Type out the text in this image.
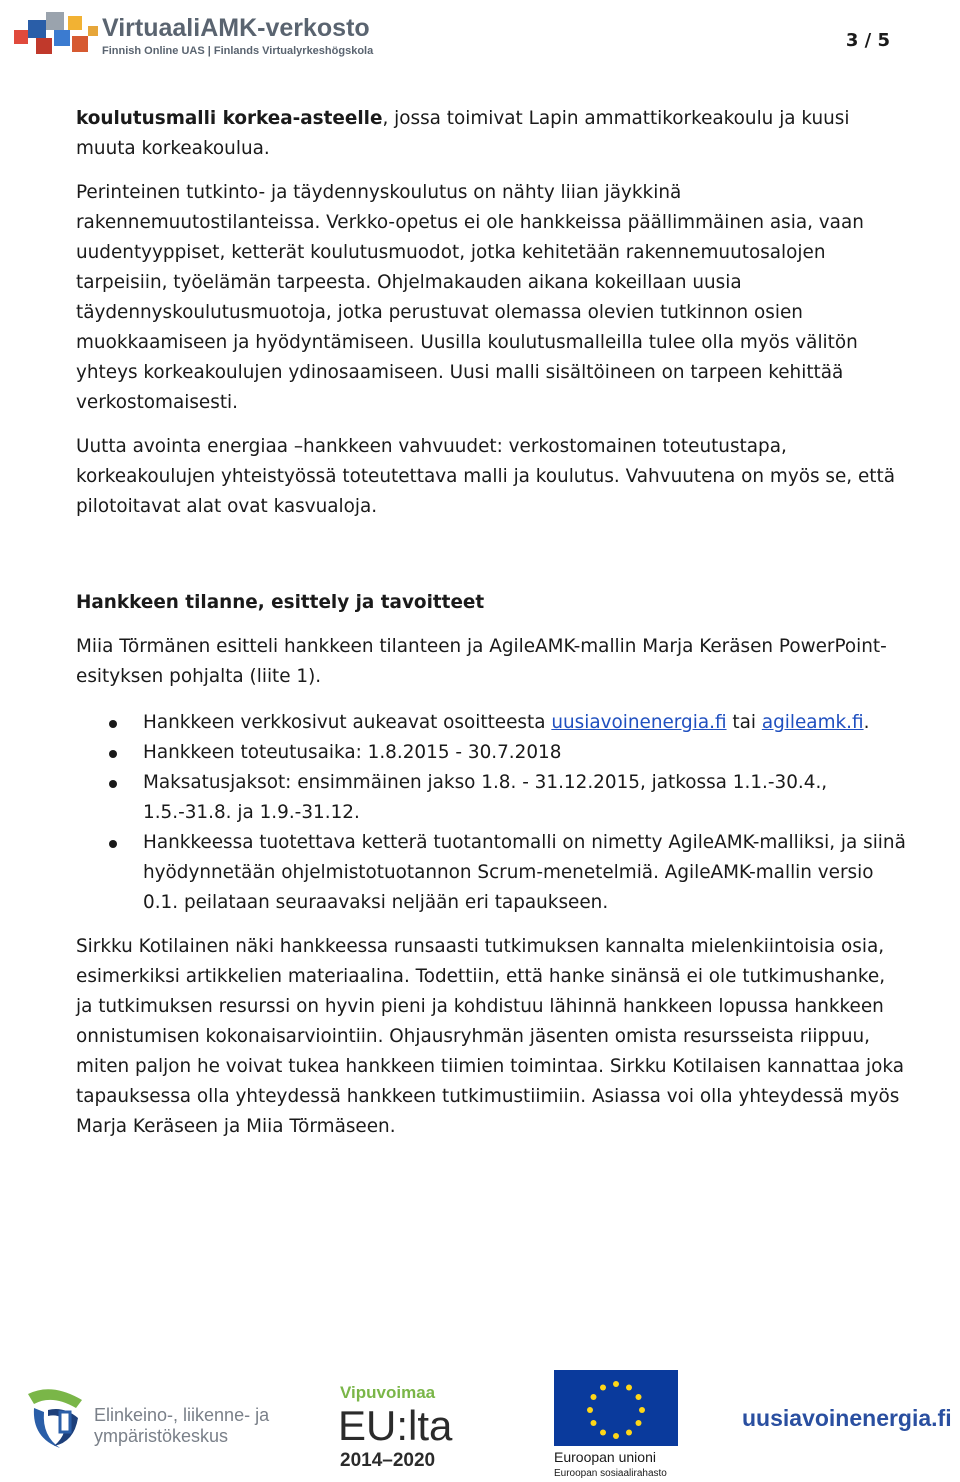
VirtuaaliAMK-verkosto
Finnish Online UAS | Finlands Virtualyrkeshögskola	3 / 5

koulutusmalli korkea-asteelle, jossa toimivat Lapin ammattikorkeakoulu ja kuusi muuta korkeakoulua.

Perinteinen tutkinto- ja täydennyskoulutus on nähty liian jäykkinä rakennemuutostilanteissa. Verkko-opetus ei ole hankkeissa päällimmäinen asia, vaan uudentyyppiset, ketterät koulutusmuodot, jotka kehitetään rakennemuutosalojen tarpeisiin, työelämän tarpeesta. Ohjelmakauden aikana kokeillaan uusia täydennyskoulutusmuotoja, jotka perustuvat olemassa olevien tutkinnon osien muokkaamiseen ja hyödyntämiseen. Uusilla koulutusmalleilla tulee olla myös välitön yhteys korkeakoulujen ydinosaamiseen. Uusi malli sisältöineen on tarpeen kehittää verkostomaisesti.

Uutta avointa energiaa –hankkeen vahvuudet: verkostomainen toteutustapa, korkeakoulujen yhteistyössä toteutettava malli ja koulutus. Vahvuutena on myös se, että pilotoitavat alat ovat kasvualoja.

Hankkeen tilanne, esittely ja tavoitteet

Miia Törmänen esitteli hankkeen tilanteen ja AgileAMK-mallin Marja Keräsen PowerPoint-esityksen pohjalta (liite 1).

Hankkeen verkkosivut aukeavat osoitteesta uusiavoinenergia.fi tai agileamk.fi.
Hankkeen toteutusaika: 1.8.2015 - 30.7.2018
Maksatusjaksot: ensimmäinen jakso 1.8. - 31.12.2015, jatkossa 1.1.-30.4., 1.5.-31.8. ja 1.9.-31.12.
Hankkeessa tuotettava ketterä tuotantomalli on nimetty AgileAMK-malliksi, ja siinä hyödynnetään ohjelmistotuotannon Scrum-menetelmiä. AgileAMK-mallin versio 0.1. peilataan seuraavaksi neljään eri tapaukseen.

Sirkku Kotilainen näki hankkeessa runsaasti tutkimuksen kannalta mielenkiintoisia osia, esimerkiksi artikkelien materiaalina. Todettiin, että hanke sinänsä ei ole tutkimushanke, ja tutkimuksen resurssi on hyvin pieni ja kohdistuu lähinnä hankkeen lopussa hankkeen onnistumisen kokonaisarviointiin. Ohjausryhmän jäsenten omista resursseista riippuu, miten paljon he voivat tukea hankkeen tiimien toimintaa. Sirkku Kotilaisen kannattaa joka tapauksessa olla yhteydessä hankkeen tutkimustiimiin. Asiassa voi olla yhteydessä myös Marja Keräseen ja Miia Törmäseen.

Elinkeino-, liikenne- ja
ympäristökeskus
Vipuvoimaa
EU:lta
2014–2020	Euroopan unioni
Euroopan sosiaalirahasto
uusiavoinenergia.fi
